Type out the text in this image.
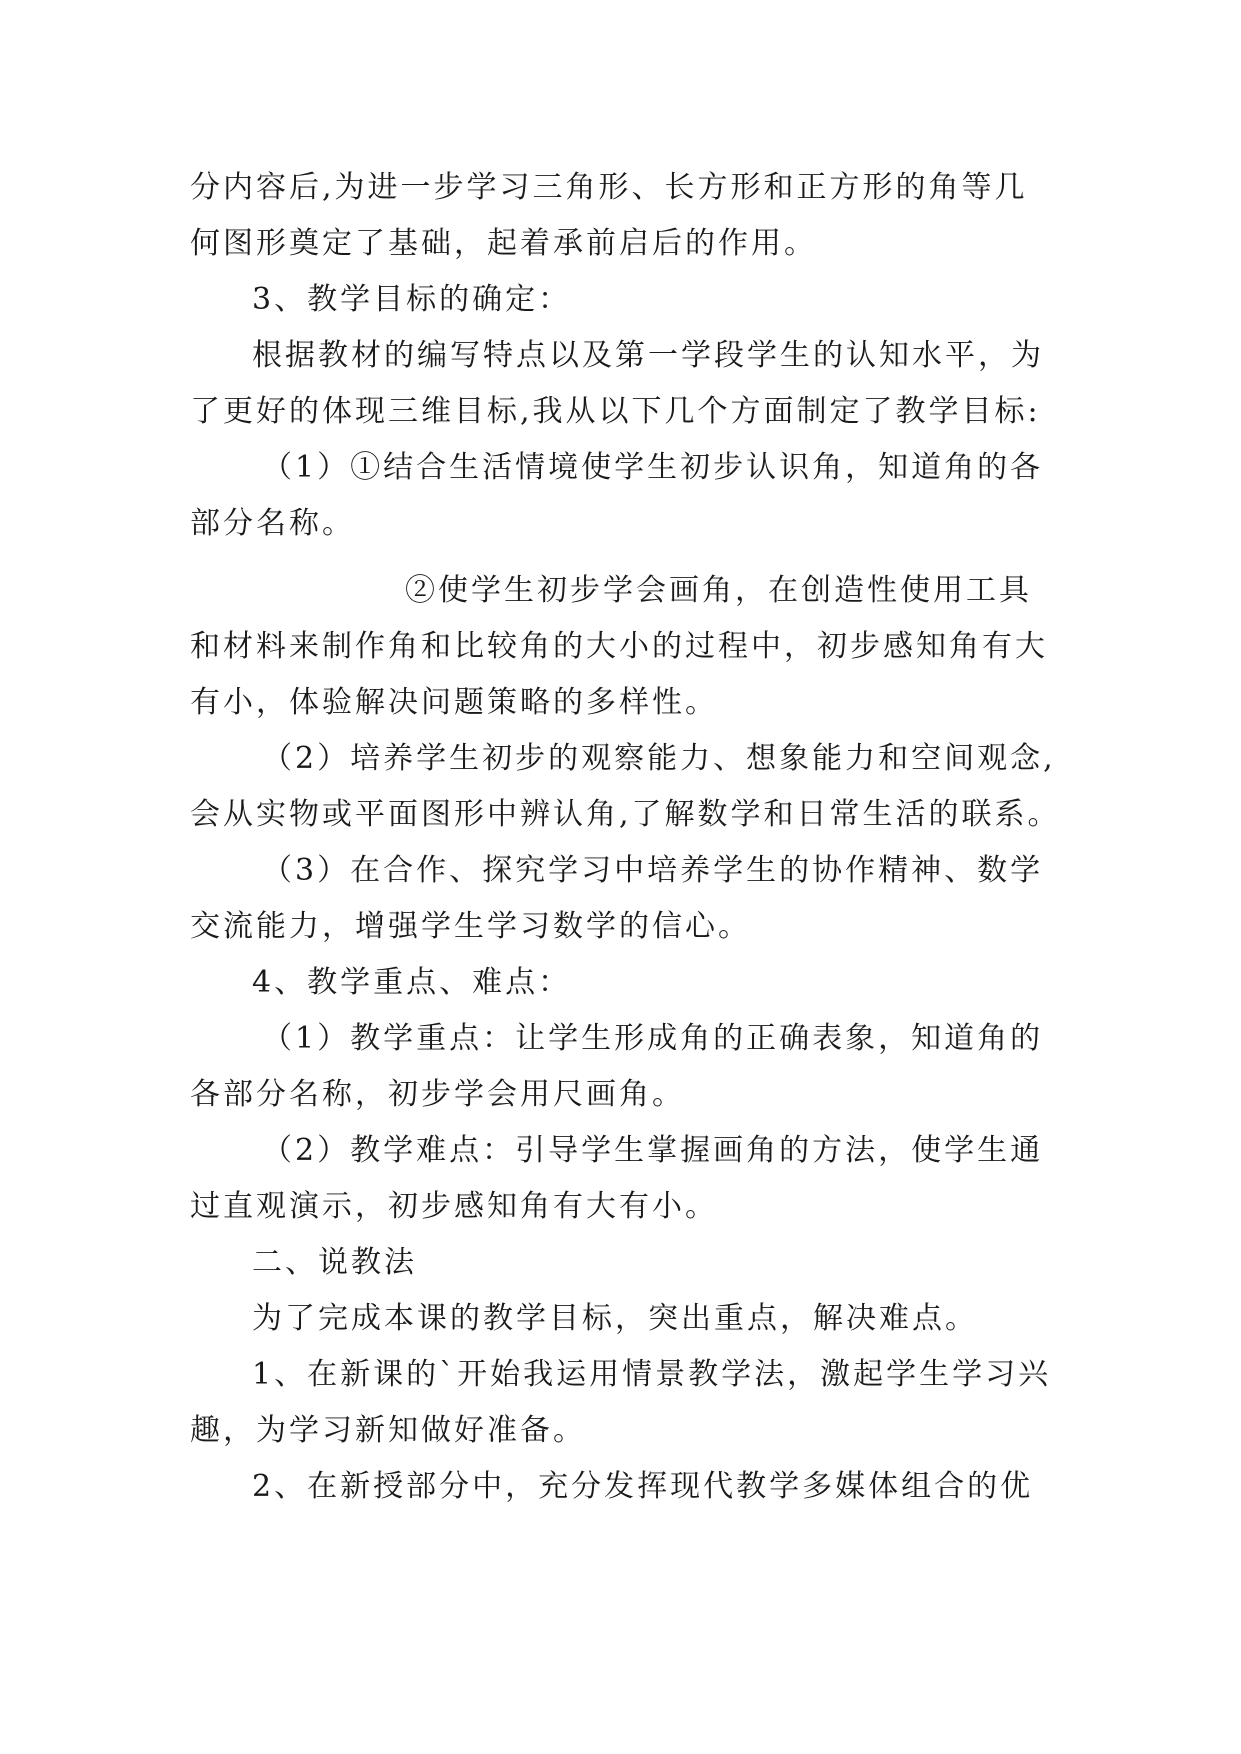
分内容后,为进一步学习三角形、长方形和正方形的角等几
何图形奠定了基础，起着承前启后的作用。
3、教学目标的确定：
根据教材的编写特点以及第一学段学生的认知水平，为
了更好的体现三维目标,我从以下几个方面制定了教学目标:
（1）①结合生活情境使学生初步认识角，知道角的各
部分名称。
②使学生初步学会画角，在创造性使用工具
和材料来制作角和比较角的大小的过程中，初步感知角有大
有小，体验解决问题策略的多样性。
（2）培养学生初步的观察能力、想象能力和空间观念,
会从实物或平面图形中辨认角,了解数学和日常生活的联系。
（3）在合作、探究学习中培养学生的协作精神、数学
交流能力，增强学生学习数学的信心。
4、教学重点、难点：
（1）教学重点：让学生形成角的正确表象，知道角的
各部分名称，初步学会用尺画角。
（2）教学难点：引导学生掌握画角的方法，使学生通
过直观演示，初步感知角有大有小。
二、说教法
为了完成本课的教学目标，突出重点，解决难点。
1、在新课的`开始我运用情景教学法，激起学生学习兴
趣，为学习新知做好准备。
2、在新授部分中，充分发挥现代教学多媒体组合的优
